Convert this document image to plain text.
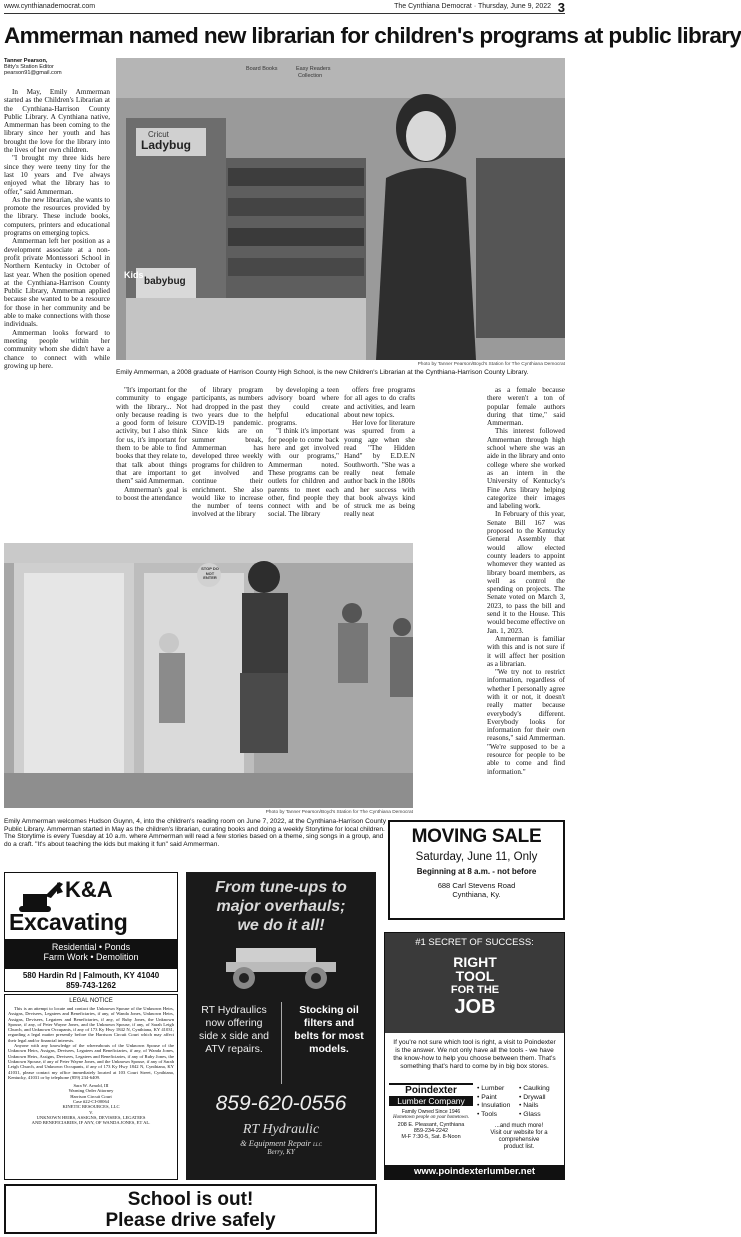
www.cynthianademocrat.com	The Cynthiana Democrat · Thursday, June 9, 2022 3
Ammerman named new librarian for children's programs at public library
Tanner Pearson,
Bitty's Station Editor
pearson91@gmail.com

In May, Emily Ammerman started as the Children's Librarian at the Cynthiana-Harrison County Public Library. A Cynthiana native, Ammerman has been coming to the library since her youth and has brought the love for the library into the lives of her own children.

"I brought my three kids here since they were teeny tiny for the last 10 years and I've always enjoyed what the library has to offer," said Ammerman.

As the new librarian, she wants to promote the resources provided by the library. These include books, computers, printers and educational programs on emerging topics.

Ammerman left her position as a development associate at a non-profit private Montessori School in Northern Kentucky in October of last year. When the position opened at the Cynthiana-Harrison County Public Library, Ammerman applied because she wanted to be a resource for those in her community and be able to make connections with those individuals.

Ammerman looks forward to meeting people within her community whom she didn't have a chance to connect with while growing up here.

Cricut
Ladybug
Kids
babybug
Easy Readers
Collection
Board Books
Photo by Tanner Pearson/Boyd's Station for The Cynthiana Democrat
Emily Ammerman, a 2008 graduate of Harrison County High School, is the new Children's Librarian at the Cynthiana-Harrison County Library.

"It's important for the community to engage with the library... Not only because reading is a good form of leisure activity, but I also think for us, it's important for them to be able to find books that they relate to, that talk about things that are important to them" said Ammerman.

Ammerman's goal is to boost the attendance

of library program participants, as numbers had dropped in the past two years due to the COVID-19 pandemic. Since kids are on summer break, Ammerman has developed three weekly programs for children to get involved and continue their enrichment. She also would like to increase the number of teens involved at the library

by developing a teen advisory board where they could create helpful educational programs.

"I think it's important for people to come back here and get involved with our programs," Ammerman noted. These programs can be outlets for children and parents to meet each other, find people they connect with and be social. The library

offers free programs for all ages to do crafts and activities, and learn about new topics.

Her love for literature was spurred from a young age when she read "The Hidden Hand" by E.D.E.N Southworth. "She was a really neat female author back in the 1800s and her success with that book always kind of struck me as being really neat

as a female because there weren't a ton of popular female authors during that time," said Ammerman.

This interest followed Ammerman through high school where she was an aide in the library and onto college where she worked as an intern in the University of Kentucky's Fine Arts library helping categorize their images and labeling work.

In February of this year, Senate Bill 167 was proposed to the Kentucky General Assembly that would allow elected county leaders to appoint whomever they wanted as library board members, as well as control the spending on projects. The Senate voted on March 3, 2023, to pass the bill and send it to the House. This would become effective on Jan. 1, 2023.

Ammerman is familiar with this and is not sure if it will affect her position as a librarian.

"We try not to restrict information, regardless of whether I personally agree with it or not, it doesn't really matter because everybody's different. Everybody looks for information for their own reasons," said Ammerman. "We're supposed to be a resource for people to be able to come and find information."

STOP DO NOT ENTER
Photo by Tanner Pearson/Boyd's Station for The Cynthiana Democrat
Emily Ammerman welcomes Hudson Guynn, 4, into the children's reading room on June 7, 2022, at the Cynthiana-Harrison County Public Library. Ammerman started in May as the children's librarian, curating books and doing a weekly Storytime for local children. The Storytime is every Tuesday at 10 a.m. where Ammerman will read a few stories based on a theme, sing songs in a group, and do a craft. "It's about teaching the kids but making it fun" said Ammerman.	MOVING SALE
Saturday, June 11, Only
Beginning at 8 a.m. - not before
688 Carl Stevens Road
Cynthiana, Ky.
K&A
Excavating
Residential • Ponds
Farm Work • Demolition
580 Hardin Rd | Falmouth, KY 41040
859-743-1262
LEGAL NOTICE
This is an attempt to locate and contact the Unknown Spouse of the Unknown Heirs, Assigns, Devisees, Legatees and Beneficiaries, if any, of Wanda Jones, Unknown Heirs, Assigns, Devisees, Legatees and Beneficiaries, if any, of Ruby Jones, the Unknown Spouse, if any, of Peter Wayne Jones, and the Unknown Spouse, if any, of Sarah Leigh Church, and Unknown Occupants, if any of 173 Ky Hwy 1842 N, Cynthiana, KY 41031, regarding a legal matter presently before the Harrison Circuit Court which may affect their legal and/or financial interests.
Anyone with any knowledge of the whereabouts of the Unknown Spouse of the Unknown Heirs, Assigns, Devisees, Legatees and Beneficiaries, if any, of Wanda Jones, Unknown Heirs, Assigns, Devisees, Legatees and Beneficiaries, if any of Ruby Jones, the Unknown Spouse, if any of Peter Wayne Jones, and the Unknown Spouse, if any of Sarah Leigh Church, and Unknown Occupants, if any of 173 Ky Hwy 1842 N, Cynthiana, KY 41031, please contact my office immediately located at 103 Court Street, Cynthiana, Kentucky, 41031 or by telephone (859) 234-6409.
Sara W. Arnold, III
Warning Order Attorney
Harrison Circuit Court
Case #22-CI-00064
KINETIC RESOURCES, LLC
V.
UNKNOWN HEIRS, ASSIGNS, DEVISEES, LEGATEES
AND BENEFICIARIES, IF ANY, OF WANDA JONES, ET AL.
From tune-ups to
major overhauls;
we do it all!
RT Hydraulics
now offering
side x side and
ATV repairs.
Stocking oil
filters and
belts for most
models.
859-620-0556
RT Hydraulic
& Equipment Repair LLC
Berry, KY
#1 SECRET OF SUCCESS:
RIGHT
TOOL
FOR THE
JOB
If you're not sure which tool is right, a visit to Poindexter is the answer. We not only have all the tools - we have the know-how to help you choose between them. That's something that's hard to come by in big box stores.
Poindexter
Lumber Company
Family Owned Since 1946
Hometown people on your hometown.
208 E. Pleasant, Cynthiana
859-234-2242
M-F 7:30-5, Sat. 8-Noon
• Lumber	• Caulking
• Paint	• Drywall
• Insulation	• Nails
• Tools	• Glass
...and much more!
Visit our website for a
comprehensive
product list.
www.poindexterlumber.net
School is out!
Please drive safely
